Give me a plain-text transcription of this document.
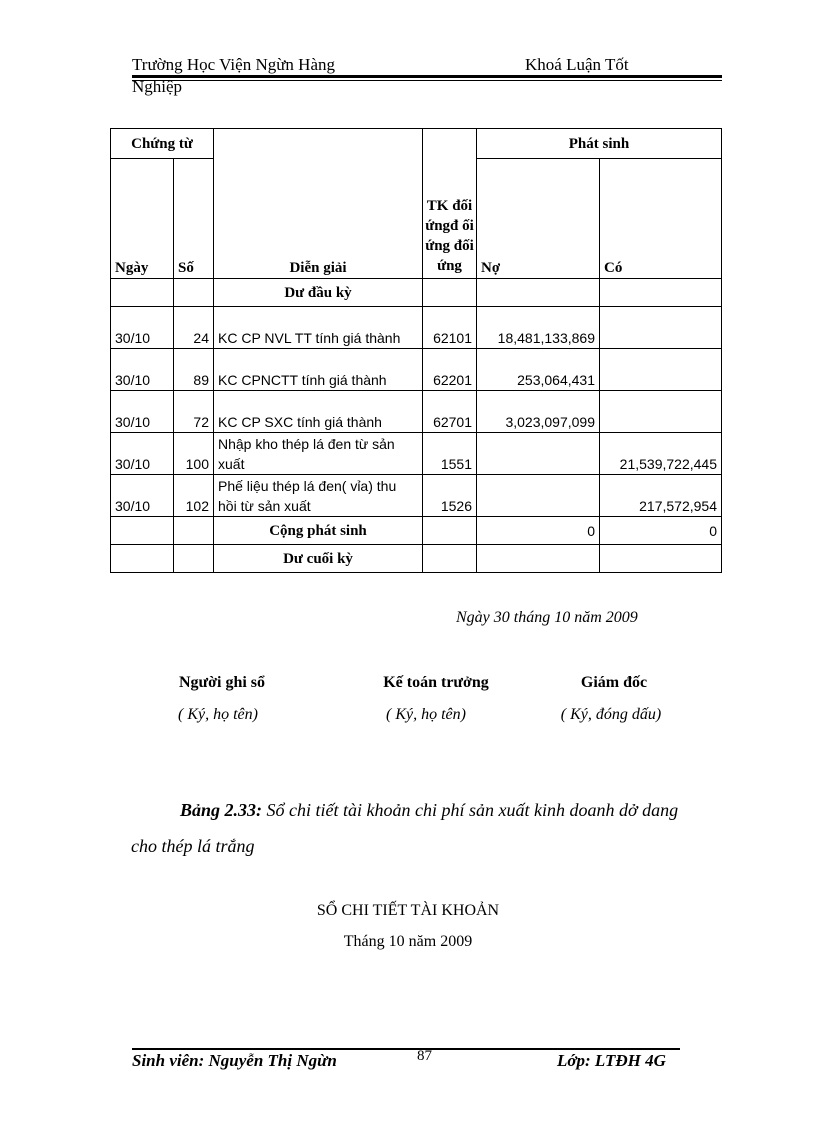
Trường Học Viện Ngừn Hàng	Khoá Luận Tốt
Nghiệp
Chứng từ		Diễn giải	TK đối ứngđ ối ứng đối ứng	Phát sinh	
Ngày	Số			Nợ	Có
		Dư đầu kỳ			
30/10	24	KC CP NVL TT tính giá thành	62101	18,481,133,869	
30/10	89	KC CPNCTT tính giá thành	62201	253,064,431	
30/10	72	KC CP SXC tính giá thành	62701	3,023,097,099	
30/10	100	Nhập kho thép lá đen từ sản xuất	1551		21,539,722,445
30/10	102	Phế liệu thép lá đen( vỉa) thu hồi từ sản xuất	1526		217,572,954
		Cộng phát sinh		0	0
		Dư cuối kỳ			
Ngày 30 tháng 10 năm 2009
Người ghi sổ
( Ký, họ tên)
Kế toán trưởng
( Ký, họ tên)
Giám đốc
( Ký, đóng dấu)
Bảng 2.33: Sổ chi tiết tài khoản chi phí sản xuất kinh doanh dở dang
cho thép lá trắng
SỔ CHI TIẾT TÀI KHOẢN
Tháng 10 năm 2009
Sinh viên: Nguyễn Thị Ngừn	87	Lớp: LTĐH 4G
